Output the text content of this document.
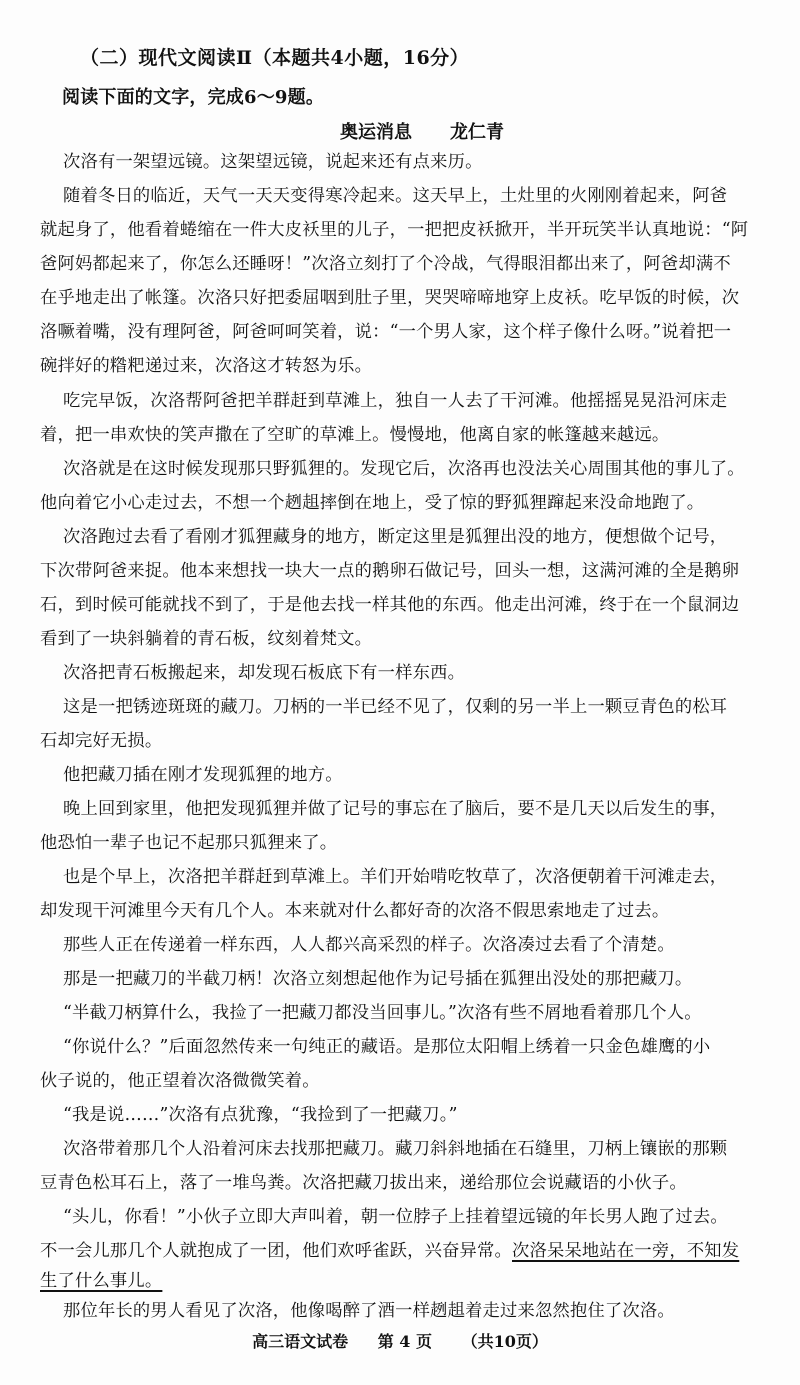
（二）现代文阅读Ⅱ（本题共4小题，16分）
阅读下面的文字，完成6～9题。
奥运消息 龙仁青
次洛有一架望远镜。这架望远镜，说起来还有点来历。
随着冬日的临近，天气一天天变得寒冷起来。这天早上，土灶里的火刚刚着起来，阿爸
就起身了，他看着蜷缩在一件大皮袄里的儿子，一把把皮袄掀开，半开玩笑半认真地说：“阿
爸阿妈都起来了，你怎么还睡呀！”次洛立刻打了个冷战，气得眼泪都出来了，阿爸却满不
在乎地走出了帐篷。次洛只好把委屈咽到肚子里，哭哭啼啼地穿上皮袄。吃早饭的时候，次
洛噘着嘴，没有理阿爸，阿爸呵呵笑着，说：“一个男人家，这个样子像什么呀。”说着把一
碗拌好的糌粑递过来，次洛这才转怒为乐。
吃完早饭，次洛帮阿爸把羊群赶到草滩上，独自一人去了干河滩。他摇摇晃晃沿河床走
着，把一串欢快的笑声撒在了空旷的草滩上。慢慢地，他离自家的帐篷越来越远。
次洛就是在这时候发现那只野狐狸的。发现它后，次洛再也没法关心周围其他的事儿了。
他向着它小心走过去，不想一个趔趄摔倒在地上，受了惊的野狐狸蹿起来没命地跑了。
次洛跑过去看了看刚才狐狸藏身的地方，断定这里是狐狸出没的地方，便想做个记号，
下次带阿爸来捉。他本来想找一块大一点的鹅卵石做记号，回头一想，这满河滩的全是鹅卵
石，到时候可能就找不到了，于是他去找一样其他的东西。他走出河滩，终于在一个鼠洞边
看到了一块斜躺着的青石板，纹刻着梵文。
次洛把青石板搬起来，却发现石板底下有一样东西。
这是一把锈迹斑斑的藏刀。刀柄的一半已经不见了，仅剩的另一半上一颗豆青色的松耳
石却完好无损。
他把藏刀插在刚才发现狐狸的地方。
晚上回到家里，他把发现狐狸并做了记号的事忘在了脑后，要不是几天以后发生的事，
他恐怕一辈子也记不起那只狐狸来了。
也是个早上，次洛把羊群赶到草滩上。羊们开始啃吃牧草了，次洛便朝着干河滩走去，
却发现干河滩里今天有几个人。本来就对什么都好奇的次洛不假思索地走了过去。
那些人正在传递着一样东西，人人都兴高采烈的样子。次洛凑过去看了个清楚。
那是一把藏刀的半截刀柄！次洛立刻想起他作为记号插在狐狸出没处的那把藏刀。
“半截刀柄算什么，我捡了一把藏刀都没当回事儿。”次洛有些不屑地看着那几个人。
“你说什么？”后面忽然传来一句纯正的藏语。是那位太阳帽上绣着一只金色雄鹰的小
伙子说的，他正望着次洛微微笑着。
“我是说……”次洛有点犹豫，“我捡到了一把藏刀。”
次洛带着那几个人沿着河床去找那把藏刀。藏刀斜斜地插在石缝里，刀柄上镶嵌的那颗
豆青色松耳石上，落了一堆鸟粪。次洛把藏刀拔出来，递给那位会说藏语的小伙子。
“头儿，你看！”小伙子立即大声叫着，朝一位脖子上挂着望远镜的年长男人跑了过去。
不一会儿那几个人就抱成了一团，他们欢呼雀跃，兴奋异常。次洛呆呆地站在一旁，不知发
生了什么事儿。
那位年长的男人看见了次洛，他像喝醉了酒一样趔趄着走过来忽然抱住了次洛。
高三语文试卷 第 4 页 （共10页）
